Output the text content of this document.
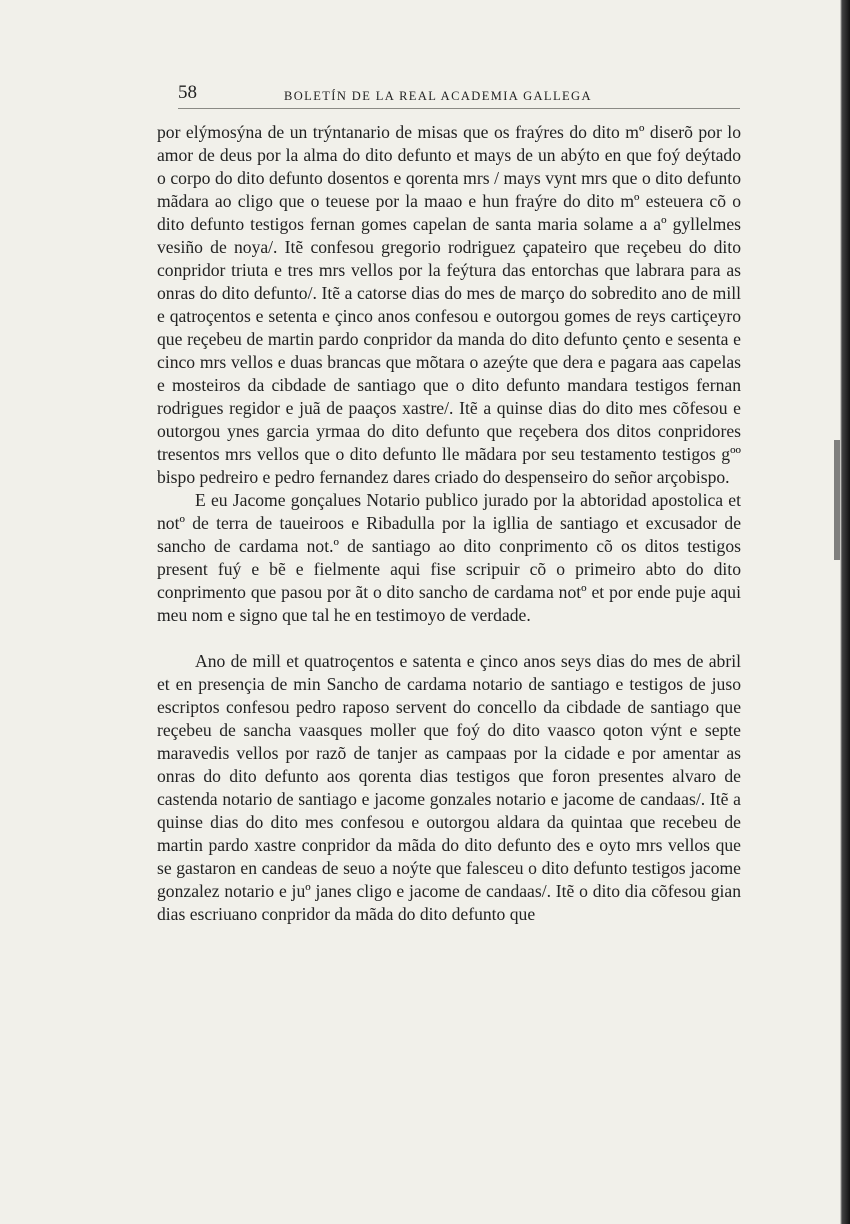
58	BOLETÍN DE LA REAL ACADEMIA GALLEGA

por elýmosýna de un trýntanario de misas que os fraýres do dito mº diserõ por lo amor de deus por la alma do dito defunto et mays de un abýto en que foý deýtado o corpo do dito defunto dosentos e qorenta mrs / mays vynt mrs que o dito defunto mãdara ao cligo que o teuese por la maao e hun fraýre do dito mº esteuera cõ o dito defunto testigos fernan gomes capelan de santa maria solame a aº gyllelmes vesiño de noya/. Itẽ confesou gregorio rodriguez çapateiro que reçebeu do dito conpridor triuta e tres mrs vellos por la feýtura das entorchas que labrara para as onras do dito defunto/. Itẽ a catorse dias do mes de março do sobredito ano de mill e qatroçentos e setenta e çinco anos confesou e outorgou gomes de reys cartiçeyro que reçebeu de martin pardo conpridor da manda do dito defunto çento e sesenta e cinco mrs vellos e duas brancas que mõtara o azeýte que dera e pagara aas capelas e mosteiros da cibdade de santiago que o dito defunto mandara testigos fernan rodrigues regidor e juã de paaços xastre/. Itẽ a quinse dias do dito mes cõfesou e outorgou ynes garcia yrmaa do dito defunto que reçebera dos ditos conpridores tresentos mrs vellos que o dito defunto lle mãdara por seu testamento testigos gºº bispo pedreiro e pedro fernandez dares criado do despenseiro do señor arçobispo.

E eu Jacome gonçalues Notario publico jurado por la abtoridad apostolica et notº de terra de taueiroos e Ribadulla por la igllia de santiago et excusador de sancho de cardama not.º de santiago ao dito conprimento cõ os ditos testigos present fuý e bẽ e fielmente aqui fise scripuir cõ o primeiro abto do dito conprimento que pasou por ãt o dito sancho de cardama notº et por ende puje aqui meu nom e signo que tal he en testimoyo de verdade.

Ano de mill et quatroçentos e satenta e çinco anos seys dias do mes de abril et en presençia de min Sancho de cardama notario de santiago e testigos de juso escriptos confesou pedro raposo servent do concello da cibdade de santiago que reçebeu de sancha vaasques moller que foý do dito vaasco qoton výnt e septe maravedis vellos por razõ de tanjer as campaas por la cidade e por amentar as onras do dito defunto aos qorenta dias testigos que foron presentes alvaro de castenda notario de santiago e jacome gonzales notario e jacome de candaas/. Itẽ a quinse dias do dito mes confesou e outorgou aldara da quintaa que recebeu de martin pardo xastre conpridor da mãda do dito defunto des e oyto mrs vellos que se gastaron en candeas de seuo a noýte que falesceu o dito defunto testigos jacome gonzalez notario e juº janes cligo e jacome de candaas/. Itẽ o dito dia cõfesou gian dias escriuano conpridor da mãda do dito defunto que
